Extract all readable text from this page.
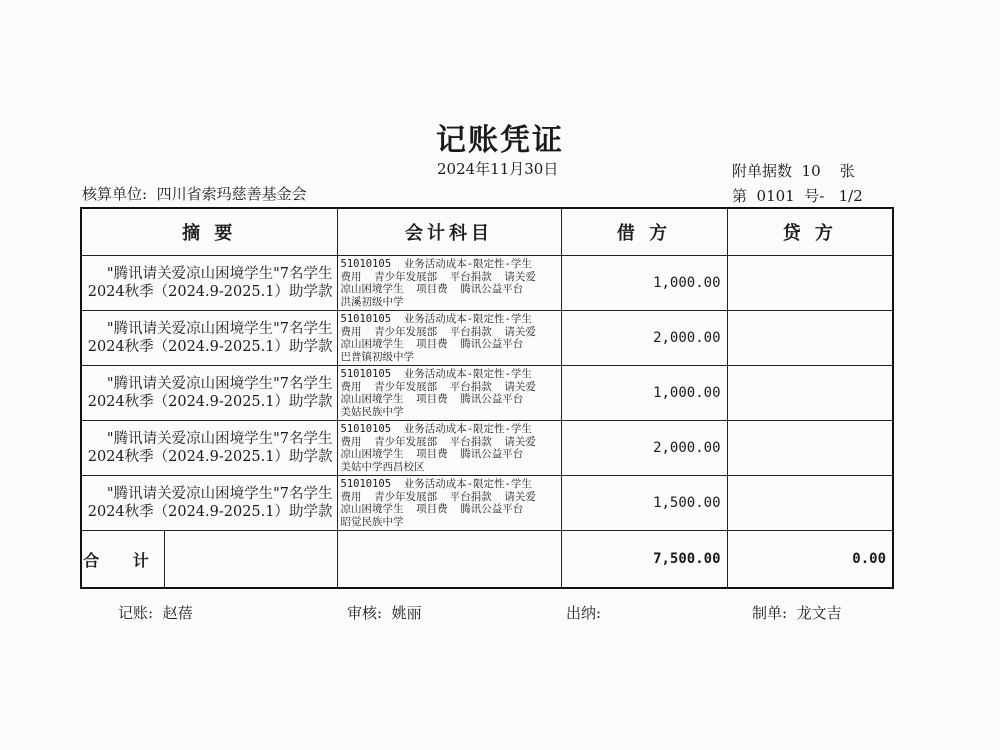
记账凭证
2024年11月30日	附单据数  10    张
核算单位:  四川省索玛慈善基金会	第  0101  号-   1/2
摘 要	会计科目	借 方	贷 方

"腾讯请关爱凉山困境学生"7名学生
2024秋季（2024.9-2025.1）助学款
	51010105  业务活动成本-限定性-学生
费用  青少年发展部  平台捐款  请关爱
凉山困境学生  项目费  腾讯公益平台
洪溪初级中学	1,000.00	

"腾讯请关爱凉山困境学生"7名学生
2024秋季（2024.9-2025.1）助学款
	51010105  业务活动成本-限定性-学生
费用  青少年发展部  平台捐款  请关爱
凉山困境学生  项目费  腾讯公益平台
巴普镇初级中学	2,000.00	

"腾讯请关爱凉山困境学生"7名学生
2024秋季（2024.9-2025.1）助学款
	51010105  业务活动成本-限定性-学生
费用  青少年发展部  平台捐款  请关爱
凉山困境学生  项目费  腾讯公益平台
美姑民族中学	1,000.00	

"腾讯请关爱凉山困境学生"7名学生
2024秋季（2024.9-2025.1）助学款
	51010105  业务活动成本-限定性-学生
费用  青少年发展部  平台捐款  请关爱
凉山困境学生  项目费  腾讯公益平台
美姑中学西昌校区	2,000.00	

"腾讯请关爱凉山困境学生"7名学生
2024秋季（2024.9-2025.1）助学款
	51010105  业务活动成本-限定性-学生
费用  青少年发展部  平台捐款  请关爱
凉山困境学生  项目费  腾讯公益平台
昭觉民族中学	1,500.00	

合 计	
			7,500.00	0.00
记账:  赵蓓	审核:  姚丽	出纳:	制单:  龙文吉
